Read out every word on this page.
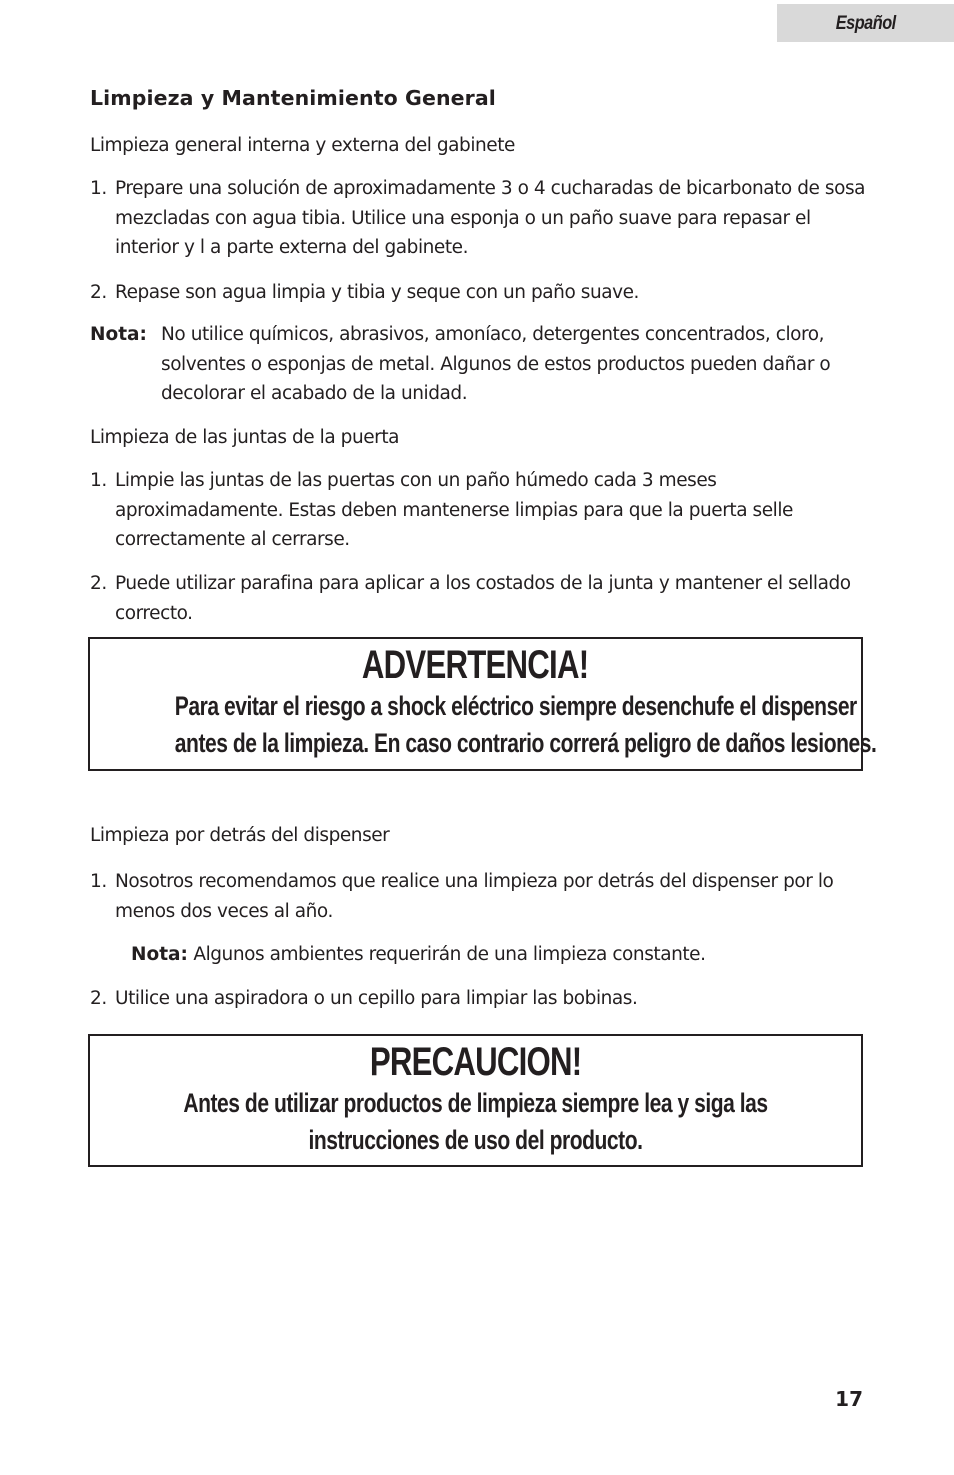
Español
Limpieza y Mantenimiento General

Limpieza general interna y externa del gabinete

1. Prepare una solución de aproximadamente 3 o 4 cucharadas de bicarbonato de sosa mezcladas con agua tibia. Utilice una esponja o un paño suave para repasar el interior y l a parte externa del gabinete.
2. Repase son agua limpia y tibia y seque con un paño suave.
Nota: No utilice químicos, abrasivos, amoníaco, detergentes concentrados, cloro, solventes o esponjas de metal. Algunos de estos productos pueden dañar o decolorar el acabado de la unidad.

Limpieza de las juntas de la puerta

1. Limpie las juntas de las puertas con un paño húmedo cada 3 meses aproximadamente. Estas deben mantenerse limpias para que la puerta selle correctamente al cerrarse.
2. Puede utilizar parafina para aplicar a los costados de la junta y mantener el sellado correcto.
ADVERTENCIA!
Para evitar el riesgo a shock eléctrico siempre desenchufe el dispenser
antes de la limpieza. En caso contrario correrá peligro de daños lesiones.

Limpieza por detrás del dispenser

1. Nosotros recomendamos que realice una limpieza por detrás del dispenser por lo menos dos veces al año.

Nota: Algunos ambientes requerirán de una limpieza constante.

2. Utilice una aspiradora o un cepillo para limpiar las bobinas.
PRECAUCION!
Antes de utilizar productos de limpieza siempre lea y siga las
instrucciones de uso del producto.
17
